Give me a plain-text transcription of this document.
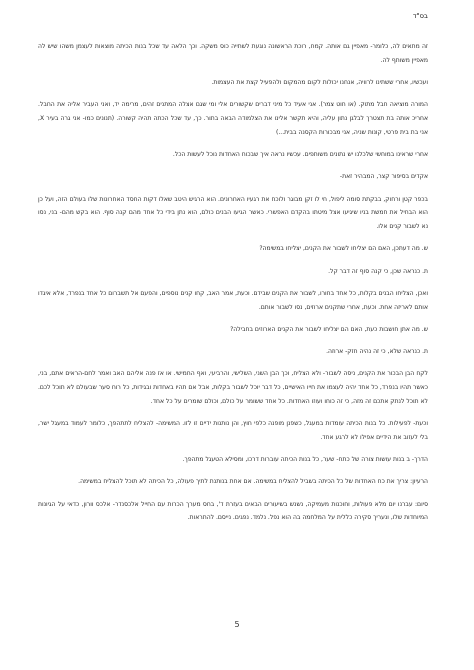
בס"ד

זה מתאים לה, כלומר- מאפיין גם אותה. קמח, רוכת הראשונה נוגעת לשתייה כוס משקה. וכך הלאה עד שכל בנות הכיתה מוצאות לעצמן משהו שיש לה מאפיין משותף לה.

ועכשיו, אחרי ששתינו לרוויה, אנחנו יכולות לקום מהמקום ולהפעיל קצת את העצמות.

המורה מוציאה חבל מתוק. (או חוט צמר). אני אעיד כל מיני דברים שקשורים אלי ומי שגם אצלה המתנים זהים, מרימה יד, ואני העביר אליה את החבל. אחריכ אותה בת תצטרך לבלגן נתון עליה, והיא תקשר אלינו את הצלמודה הבאה בתור. כך, עד שכל הכתה תהיה קשורה. (תנונים כמו- אני גרה בעיר X, אני בת בית פרטי, קונות שניה, אני מבכורות הקסנה בבית...)

אחרי שראינו במוחשי שלכלנו יש נתונים משותפים. עכשיו נראה איך שבכוח האחדות נוכל לעשות הכל.

אקדים בסיפור קצר, המבהיר זאת-

בכפר קטן ורחוק, בבקתת סומה ליפול, חי לו זקן מבוגר ולוכח את רגעיו האחרונים. הוא הרגיש היטב שאלו דקות החסד האחרונות שלו בעולם הזה, ועל כן הוא הבחיל את חמשת בניו שיגיעו אצל מיטתו בהקדם האפשרי. כאשר הגיעו הבנים כולם, הוא נתן בידי כל אחד מהם קנה סוף. הוא בקש מהם- בני, נסו נא לשבור קנים אלו.

ש. מה דעתכן, האם הם יצליחו לשבור את הקנים, יצליחו במשימה?

ת. כנראה שכן, כי קנה סוף זה דבר קל.

ואכן, הצליחו הבנים בקלות, כל אחד בחורו, לשבור את הקנים שבידם. וכעת, אמר האב, קחו קנים נוספים, והפעם אל תשברום כל אחד בנפרד, אלא איגדו אותם לאריזה אחת. וכעת, אחרי שתקנים ארוזים, נסו לשבור אותם.

ש. מה אתן חושבות כעת, האם הם יצליחו לשבור את הקנים הארוזים בחבילה?

ת. כנראה שלא, כי זה נהיה חזק- ארוזה.

לקח הבן הבכור את הקנים, ניסה לשבור- ולא הצליח, וכך הבן השני, השלישי, והרביעי, ואף החמישי. או אז פנה אליהם האב ואמר לחם-הראים אתם, בני, כאשר תהיו בנפרד, כל אחד יהיה לעצמו את חייו האישיים, כל דבר יוכל לשבור בקלות, אבל אם תהיו באחדות ובגידות, כל רוח סער שבעולם לא תוכל לכם. לא תוכל לנתק אתכם זה מזה, כי זה כוחו ועוזו האחדות. כל אחד ששומר על כולם, וכולם שומרים על כל אחד.

וכעת- לפעילות. כל בנות הכיתה עומדות במעגל, כשפנן מופנה כלפי חוץ, והן נותנות ידיים זו לזו. המשימה- להצליח לתתהפך, כלומר לעמוד במעגל ישר, בלי לעזוב את הידיים אפילו לא לרגע אחד.

הדרך- ב בנות עושות צורה של כתח- שער, כל בנות הכיתה עוברות דרכו, ומסילא הטעגל מתהפך.

הרעיון: צריך את כח האחדות של כל הכיתה בשביל להצליח במשימה. אם אחת בנותנת לתיך פעולה, כל הכיתה לא תוכל להצליח במשימה.

סיום: עברנו יום מלא פעולות, וחוכנות מעמיקה, נשנש בשיעורים הבאים בעזרת ד', בחס מערך הכרות עם החייל אלכסנדר- אלכס וורון, כדאי על הגיונות המיוחדות שלו, ונעריך סקירה כללית על המלחמה בה הוא נפל. נלמד. נפגים. נייסם. להתראות.

5
